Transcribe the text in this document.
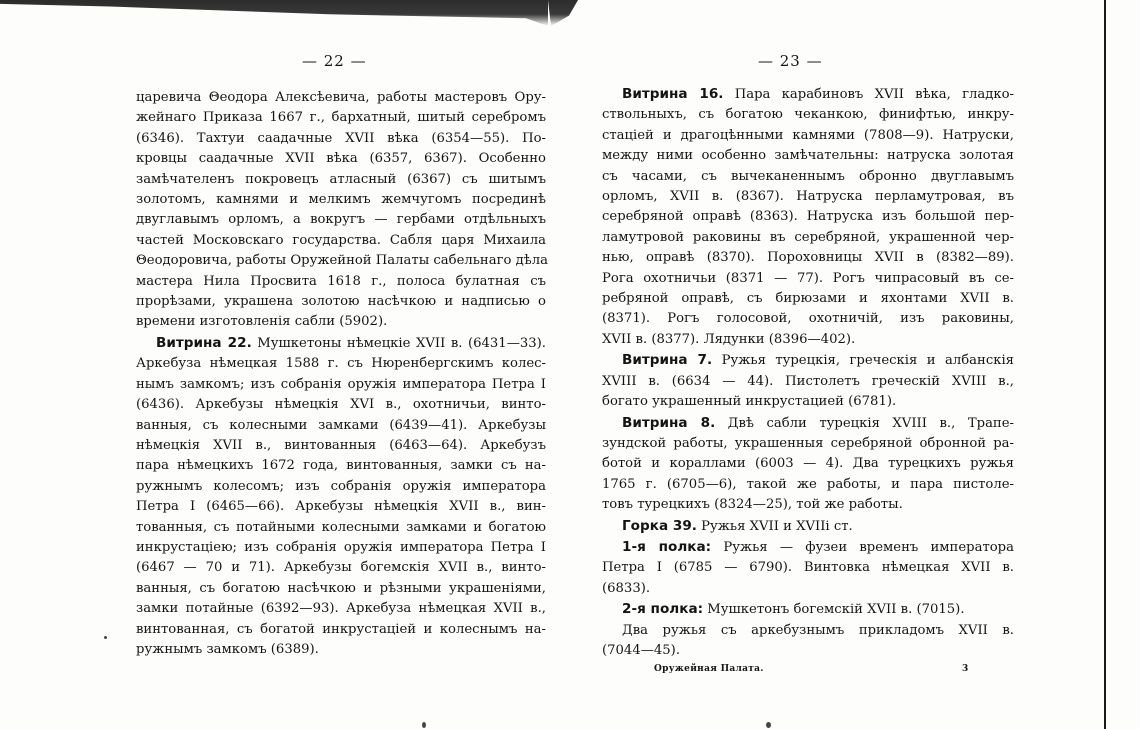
— 22 —
царевича Θеодора Алексѣевича, работы мастеровъ Ору-
жейнаго Приказа 1667 г., бархатный, шитый серебромъ
(6346). Тахтуи саадачные XVII вѣка (6354—55). По-
кровцы саадачные XVII вѣка (6357, 6367). Особенно
замѣчателенъ покровецъ атласный (6367) съ шитымъ
золотомъ, камнями и мелкимъ жемчугомъ посрединѣ
двуглавымъ орломъ, а вокругъ — гербами отдѣльныхъ
частей Московскаго государства. Сабля царя Михаила
Θеодоровича, работы Оружейной Палаты сабельнаго дѣла
мастера Нила Просвита 1618 г., полоса булатная съ
прорѣзами, украшена золотою насѣчкою и надписью о
времени изготовленія сабли (5902).
Витрина 22. Мушкетоны нѣмецкіе XVII в. (6431—33).
Аркебуза нѣмецкая 1588 г. съ Нюренбергскимъ колес-
нымъ замкомъ; изъ собранія оружія императора Петра I
(6436). Аркебузы нѣмецкія XVI в., охотничьи, винто-
ванныя, съ колесными замками (6439—41). Аркебузы
нѣмецкія XVII в., винтованныя (6463—64). Аркебузъ
пара нѣмецкихъ 1672 года, винтованныя, замки съ на-
ружнымъ колесомъ; изъ собранія оружія императора
Петра I (6465—66). Аркебузы нѣмецкія XVII в., вин-
тованныя, съ потайными колесными замками и богатою
инкрустаціею; изъ собранія оружія императора Петра I
(6467 — 70 и 71). Аркебузы богемскія XVII в., винто-
ванныя, съ богатою насѣчкою и рѣзными украшеніями,
замки потайные (6392—93). Аркебуза нѣмецкая XVII в.,
винтованная, съ богатой инкрустаціей и колеснымъ на-
ружнымъ замкомъ (6389).
— 23 —
Витрина 16. Пара карабиновъ XVII вѣка, гладко-
ствольныхъ, съ богатою чеканкою, финифтью, инкру-
стаціей и драгоцѣнными камнями (7808—9). Натруски,
между ними особенно замѣчательны: натруска золотая
съ часами, съ вычеканеннымъ обронно двуглавымъ
орломъ, XVII в. (8367). Натруска перламутровая, въ
серебряной оправѣ (8363). Натруска изъ большой пер-
ламутровой раковины въ серебряной, украшенной чер-
нью, оправѣ (8370). Пороховницы XVII в (8382—89).
Рога охотничьи (8371 — 77). Рогъ чипрасовый въ се-
ребряной оправѣ, съ бирюзами и яхонтами XVII в.
(8371). Рогъ голосовой, охотничій, изъ раковины,
XVII в. (8377). Лядунки (8396—402).
Витрина 7. Ружья турецкія, греческія и албанскія
XVIII в. (6634 — 44). Пистолетъ греческій XVIII в.,
богато украшенный инкрустацией (6781).
Витрина 8. Двѣ сабли турецкія XVIII в., Трапе-
зундской работы, украшенныя серебряной обронной ра-
ботой и кораллами (6003 — 4). Два турецкихъ ружья
1765 г. (6705—6), такой же работы, и пара пистоле-
товъ турецкихъ (8324—25), той же работы.
Горка 39. Ружья XVII и XVIIі ст.
1-я полка: Ружья — фузеи временъ императора
Петра I (6785 — 6790). Винтовка нѣмецкая XVII в.
(6833).
2-я полка: Мушкетонъ богемскій XVII в. (7015).
Два ружья съ аркебузнымъ прикладомъ XVII в.
(7044—45).
Оружейная Палата.	3
